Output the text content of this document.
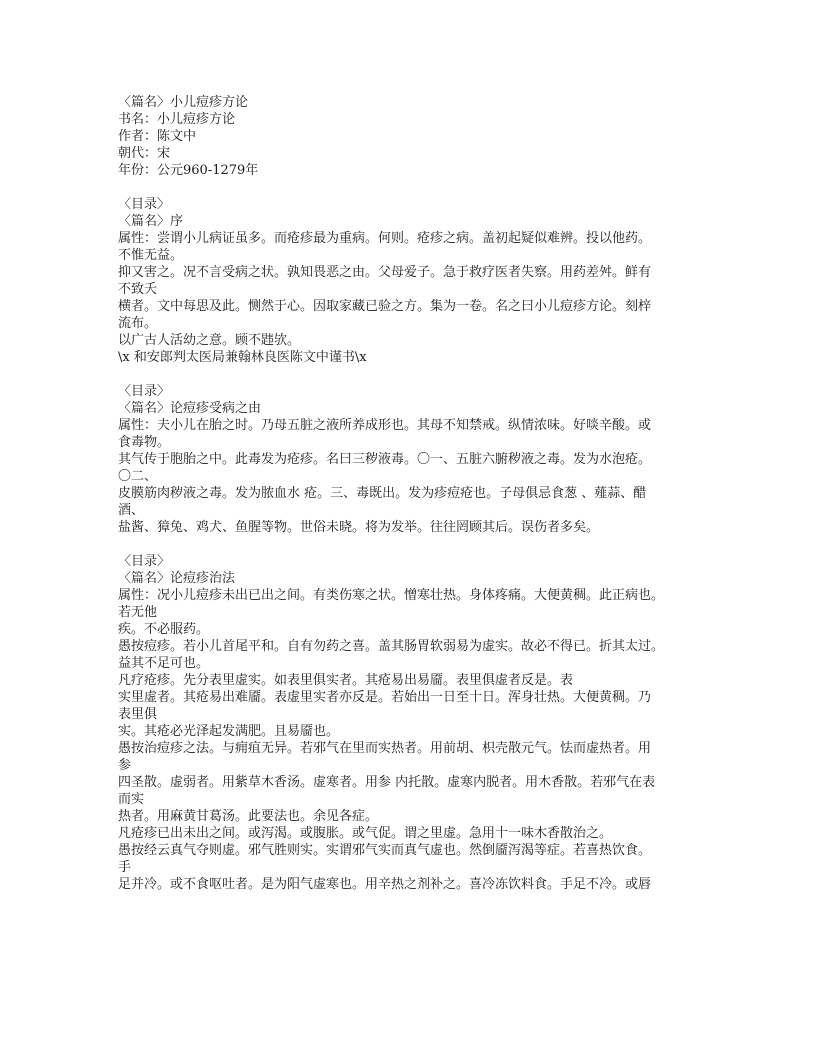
〈篇名〉小儿痘疹方论
书名：小儿痘疹方论
作者：陈文中
朝代：宋
年份：公元960-1279年
〈目录〉
〈篇名〉序
属性：尝谓小儿病证虽多。而疮疹最为重病。何则。疮疹之病。盖初起疑似难辨。投以他药。
不惟无益。
抑又害之。况不言受病之状。孰知畏恶之由。父母爱子。急于救疗医者失察。用药差舛。鲜有
不致夭
横者。文中每思及此。恻然于心。因取家藏已验之方。集为一卷。名之曰小儿痘疹方论。刻梓
流布。
以广古人活幼之意。顾不韪欤。
\x 和安郎判太医局兼翰林良医陈文中谨书\x
〈目录〉
〈篇名〉论痘疹受病之由
属性：夫小儿在胎之时。乃母五脏之液所养成形也。其母不知禁戒。纵情浓味。好啖辛酸。或
食毒物。
其气传于胞胎之中。此毒发为疮疹。名曰三秽液毒。〇一、五脏六腑秽液之毒。发为水泡疮。
〇二、
皮膜筋肉秽液之毒。发为脓血水 疮。三、毒既出。发为疹痘疮也。子母俱忌食葱 、薤蒜、醋
酒、
盐酱、獐兔、鸡犬、鱼腥等物。世俗未晓。将为发举。往往罔顾其后。误伤者多矣。
〈目录〉
〈篇名〉论痘疹治法
属性：况小儿痘疹未出已出之间。有类伤寒之状。憎寒壮热。身体疼痛。大便黄稠。此正病也。
若无他
疾。不必服药。
愚按痘疹。若小儿首尾平和。自有勿药之喜。盖其肠胃软弱易为虚实。故必不得已。折其太过。
益其不足可也。
凡疗疮疹。先分表里虚实。如表里俱实者。其疮易出易靥。表里俱虚者反是。表
实里虚者。其疮易出难靥。表虚里实者亦反是。若始出一日至十日。浑身壮热。大便黄稠。乃
表里俱
实。其疮必光泽起发满肥。且易靥也。
愚按治痘疹之法。与痈疽无异。若邪气在里而实热者。用前胡、枳壳散元气。怯而虚热者。用
参
四圣散。虚弱者。用紫草木香汤。虚寒者。用参 内托散。虚寒内脱者。用木香散。若邪气在表
而实
热者。用麻黄甘葛汤。此要法也。余见各症。
凡疮疹已出未出之间。或泻渴。或腹胀。或气促。谓之里虚。急用十一味木香散治之。
愚按经云真气夺则虚。邪气胜则实。实谓邪气实而真气虚也。然倒靥泻渴等症。若喜热饮食。
手
足并冷。或不食呕吐者。是为阳气虚寒也。用辛热之剂补之。喜冷冻饮料食。手足不冷。或唇
